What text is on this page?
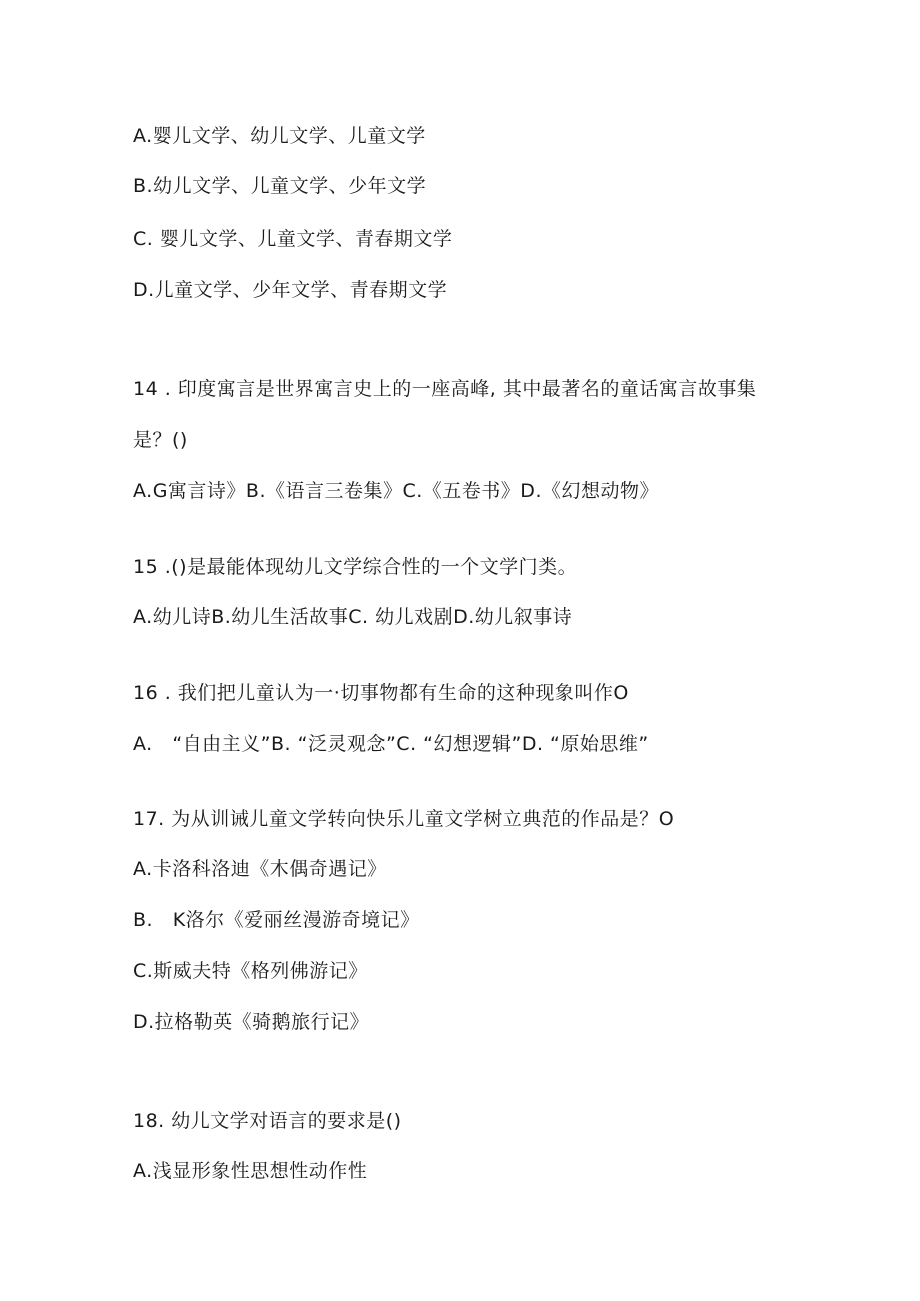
A.婴儿文学、幼儿文学、儿童文学
B.幼儿文学、儿童文学、少年文学
C. 婴儿文学、儿童文学、青春期文学
D.儿童文学、少年文学、青春期文学
14 . 印度寓言是世界寓言史上的一座高峰, 其中最著名的童话寓言故事集
是？()
A.G寓言诗》B.《语言三卷集》C.《五卷书》D.《幻想动物》
15 .()是最能体现幼儿文学综合性的一个文学门类。
A.幼儿诗B.幼儿生活故事C. 幼儿戏剧D.幼儿叙事诗
16 . 我们把儿童认为一·切事物都有生命的这种现象叫作O
A.   “自由主义”B. “泛灵观念”C. “幻想逻辑”D. “原始思维”
17. 为从训诫儿童文学转向快乐儿童文学树立典范的作品是？O
A.卡洛科洛迪《木偶奇遇记》
B.   K洛尔《爱丽丝漫游奇境记》
C.斯威夫特《格列佛游记》
D.拉格勒英《骑鹅旅行记》
18. 幼儿文学对语言的要求是()
A.浅显形象性思想性动作性
